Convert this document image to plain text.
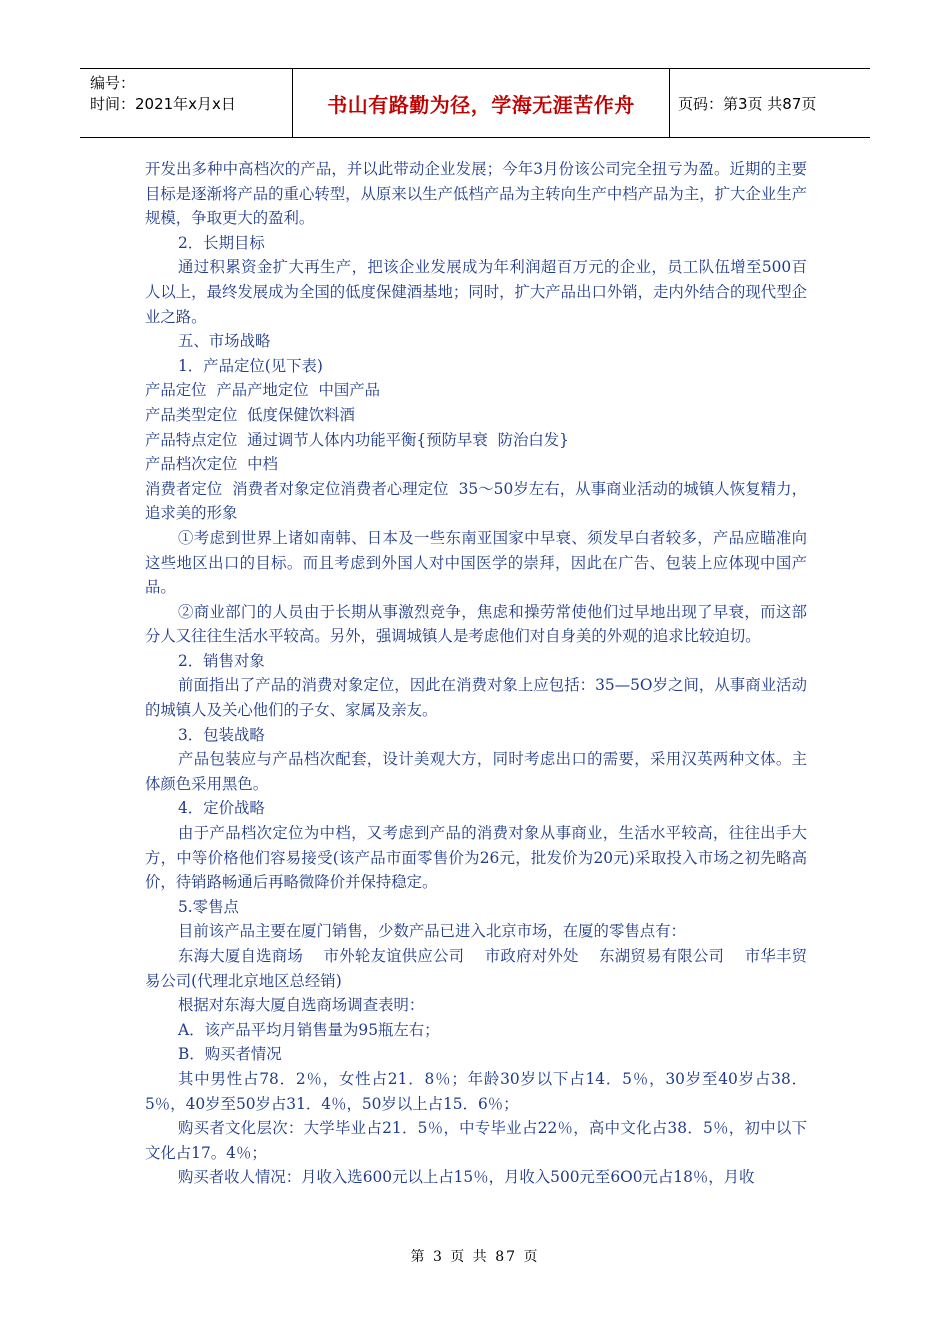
编号：
时间：2021年x月x日	书山有路勤为径，学海无涯苦作舟	页码：第3页 共87页

开发出多种中高档次的产品，并以此带动企业发展；今年3月份该公司完全扭亏为盈。近期的主要目标是逐渐将产品的重心转型，从原来以生产低档产品为主转向生产中档产品为主，扩大企业生产规模，争取更大的盈利。

2．长期目标

通过积累资金扩大再生产，把该企业发展成为年利润超百万元的企业，员工队伍增至500百人以上，最终发展成为全国的低度保健酒基地；同时，扩大产品出口外销，走内外结合的现代型企业之路。

五、市场战略

1．产品定位(见下表)

产品定位  产品产地定位  中国产品

产品类型定位  低度保健饮料酒

产品特点定位  通过调节人体内功能平衡{预防早衰  防治白发}

产品档次定位  中档

消费者定位  消费者对象定位消费者心理定位  35～50岁左右，从事商业活动的城镇人恢复精力，追求美的形象

①考虑到世界上诸如南韩、日本及一些东南亚国家中早衰、须发早白者较多，产品应瞄准向这些地区出口的目标。而且考虑到外国人对中国医学的崇拜，因此在广告、包装上应体现中国产品。

②商业部门的人员由于长期从事激烈竞争，焦虑和操劳常使他们过早地出现了早衰，而这部分人又往往生活水平较高。另外，强调城镇人是考虑他们对自身美的外观的追求比较迫切。

2．销售对象

前面指出了产品的消费对象定位，因此在消费对象上应包括：35—5O岁之间，从事商业活动的城镇人及关心他们的子女、家属及亲友。

3．包装战略

产品包装应与产品档次配套，设计美观大方，同时考虑出口的需要，采用汉英两种文体。主体颜色采用黑色。

4．定价战略

由于产品档次定位为中档，又考虑到产品的消费对象从事商业，生活水平较高，往往出手大方，中等价格他们容易接受(该产品市面零售价为26元，批发价为20元)采取投入市场之初先略高价，待销路畅通后再略微降价并保持稳定。

5.零售点

目前该产品主要在厦门销售，少数产品已进入北京市场，在厦的零售点有：

东海大厦自选商场    市外轮友谊供应公司    市政府对外处    东湖贸易有限公司    市华丰贸易公司(代理北京地区总经销)

根据对东海大厦自选商场调查表明：

A．该产品平均月销售量为95瓶左右；

B．购买者情况

其中男性占78．2％，女性占21．8％；年龄30岁以下占14．5％，30岁至40岁占38．5％，40岁至50岁占31．4％，50岁以上占15．6％；

购买者文化层次：大学毕业占21．5％，中专毕业占22％，高中文化占38．5％，初中以下文化占17。4％；

购买者收人情况：月收入选600元以上占15％，月收入500元至6O0元占18％，月收

第 3 页 共 87 页
